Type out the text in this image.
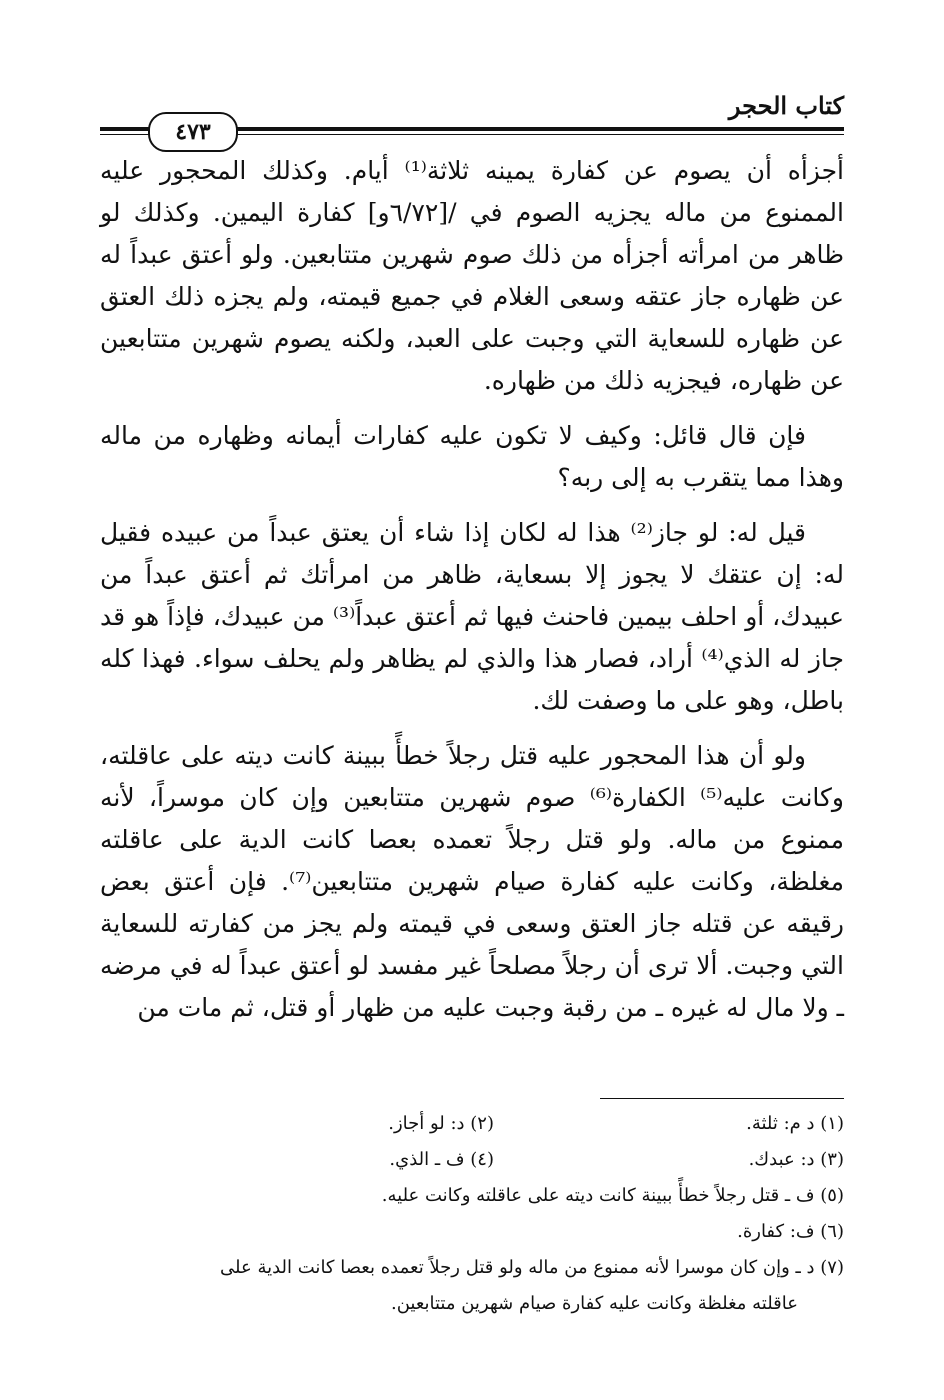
كتاب الحجر
٤٧٣

أجزأه أن يصوم عن كفارة يمينه ثلاثة⁽¹⁾ أيام. وكذلك المحجور عليه الممنوع من ماله يجزيه الصوم في /[٦/٧٢و] كفارة اليمين. وكذلك لو ظاهر من امرأته أجزأه من ذلك صوم شهرين متتابعين. ولو أعتق عبداً له عن ظهاره جاز عتقه وسعى الغلام في جميع قيمته، ولم يجزه ذلك العتق عن ظهاره للسعاية التي وجبت على العبد، ولكنه يصوم شهرين متتابعين عن ظهاره، فيجزيه ذلك من ظهاره.

فإن قال قائل: وكيف لا تكون عليه كفارات أيمانه وظهاره من ماله وهذا مما يتقرب به إلى ربه؟

قيل له: لو جاز⁽²⁾ هذا له لكان إذا شاء أن يعتق عبداً من عبيده فقيل له: إن عتقك لا يجوز إلا بسعاية، ظاهر من امرأتك ثم أعتق عبداً من عبيدك، أو احلف بيمين فاحنث فيها ثم أعتق عبداً⁽³⁾ من عبيدك، فإذاً هو قد جاز له الذي⁽⁴⁾ أراد، فصار هذا والذي لم يظاهر ولم يحلف سواء. فهذا كله باطل، وهو على ما وصفت لك.

ولو أن هذا المحجور عليه قتل رجلاً خطأً ببينة كانت ديته على عاقلته، وكانت عليه⁽⁵⁾ الكفارة⁽⁶⁾ صوم شهرين متتابعين وإن كان موسراً، لأنه ممنوع من ماله. ولو قتل رجلاً تعمده بعصا كانت الدية على عاقلته مغلظة، وكانت عليه كفارة صيام شهرين متتابعين⁽⁷⁾. فإن أعتق بعض رقيقه عن قتله جاز العتق وسعى في قيمته ولم يجز من كفارته للسعاية التي وجبت. ألا ترى أن رجلاً مصلحاً غير مفسد لو أعتق عبداً له في مرضه ـ ولا مال له غيره ـ من رقبة وجبت عليه من ظهار أو قتل، ثم مات من

(١) د م: ثلثة.
(٢) د: لو أجاز.
(٣) د: عبدك.
(٤) ف ـ الذي.
(٥) ف ـ قتل رجلاً خطأً ببينة كانت ديته على عاقلته وكانت عليه.
(٦) ف: كفارة.
(٧) د ـ وإن كان موسرا لأنه ممنوع من ماله ولو قتل رجلاً تعمده بعصا كانت الدية على
عاقلته مغلظة وكانت عليه كفارة صيام شهرين متتابعين.
